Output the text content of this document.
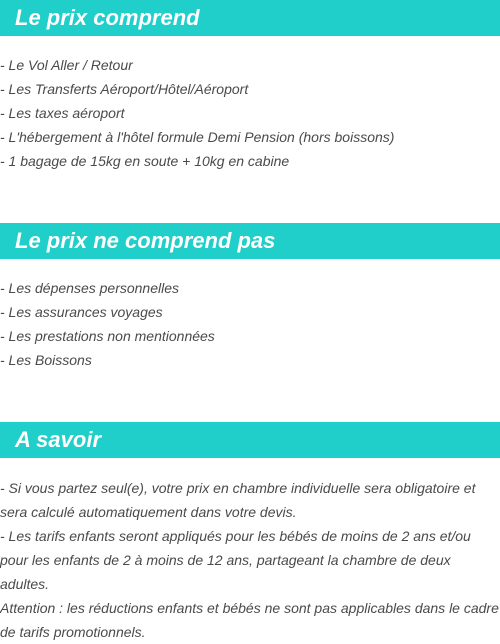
Le prix comprend
- Le Vol Aller / Retour
- Les Transferts Aéroport/Hôtel/Aéroport
- Les taxes aéroport
- L'hébergement à l'hôtel formule Demi Pension (hors boissons)
- 1 bagage de 15kg en soute + 10kg en cabine
Le prix ne comprend pas
- Les dépenses personnelles
- Les assurances voyages
- Les prestations non mentionnées
- Les Boissons
A savoir

- Si vous partez seul(e), votre prix en chambre individuelle sera obligatoire et sera calculé automatiquement dans votre devis.

- Les tarifs enfants seront appliqués pour les bébés de moins de 2 ans et/ou pour les enfants de 2 à moins de 12 ans, partageant la chambre de deux adultes.

Attention : les réductions enfants et bébés ne sont pas applicables dans le cadre de tarifs promotionnels.
